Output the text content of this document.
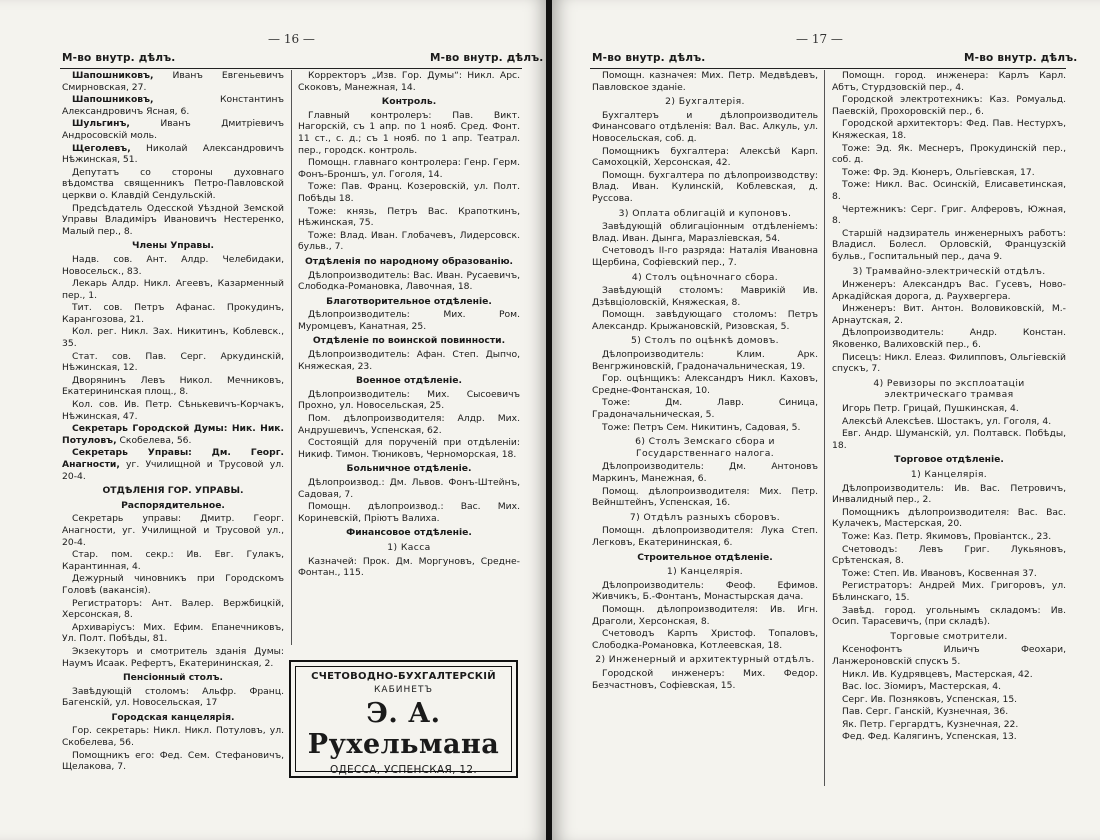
— 16 —
М-во внутр. дѣлъ.	М-во внутр. дѣлъ.

Шапошниковъ, Иванъ Евгеньевичъ Смирновская, 27.

Шапошниковъ, Константинъ Александровичъ Ясная, 6.

Шульгинъ, Иванъ Дмитріевичъ Андросовскій моль.

Щеголевъ, Николай Александровичъ Нѣжинская, 51.

Депутатъ со стороны духовнаго вѣдомства священникъ Петро-Павловской церкви о. Клавдій Сендульскій.

Предсѣдатель Одесской Уѣздной Земской Управы Владиміръ Ивановичъ Нестеренко, Малый пер., 8.

Члены Управы.

Надв. сов. Ант. Алдр. Челебидаки, Новосельск., 83.

Лекарь Алдр. Никл. Агеевъ, Казарменный пер., 1.

Тит. сов. Петръ Афанас. Прокудинъ, Карангозова, 21.

Кол. рег. Никл. Зах. Никитинъ, Коблевск., 35.

Стат. сов. Пав. Серг. Аркудинскій, Нѣжинская, 12.

Дворянинъ Левъ Никол. Мечниковъ, Екатерининская площ., 8.

Кол. сов. Ив. Петр. Сѣнькевичъ-Корчакъ, Нѣжинская, 47.

Секретарь Городской Думы: Ник. Ник. Потуловъ, Скобелева, 56.

Секретарь Управы: Дм. Георг. Анагности, уг. Училищной и Трусовой ул. 20-4.

ОТДѢЛЕНІЯ ГОР. УПРАВЫ.

Распорядительное.

Секретарь управы: Дмитр. Георг. Анагности, уг. Училищной и Трусовой ул., 20-4.

Стар. пом. секр.: Ив. Евг. Гулакъ, Карантинная, 4.

Дежурный чиновникъ при Городскомъ Головѣ (вакансія).

Регистраторъ: Ант. Валер. Вержбицкій, Херсонская, 8.

Архиваріусъ: Мих. Ефим. Епанечниковъ, Ул. Полт. Побѣды, 81.

Экзекуторъ и смотритель зданія Думы: Наумъ Исаак. Рефертъ, Екатерининская, 2.

Пенсіонный столъ.

Завѣдующій столомъ: Альфр. Франц. Багенскій, ул. Новосельская, 17

Городская канцелярія.

Гор. секретарь: Никл. Никл. Потуловъ, ул. Скобелева, 56.

Помощникъ его: Фед. Сем. Стефановичъ, Щелакова, 7.

Корректоръ „Изв. Гор. Думы“: Никл. Арс. Скоковъ, Манежная, 14.

Контроль.

Главный контролеръ: Пав. Викт. Нагорскій, съ 1 апр. по 1 нояб. Сред. Фонт. 11 ст., с. д.; съ 1 нояб. по 1 апр. Театрал. пер., городск. контроль.

Помощн. главнаго контролера: Генр. Герм. Фонъ-Броншъ, ул. Гоголя, 14.

Тоже: Пав. Франц. Козеровскій, ул. Полт. Побѣды 18.

Тоже: князь, Петръ Вас. Крапоткинъ, Нѣжинская, 75.

Тоже: Влад. Иван. Глобачевъ, Лидерсовск. бульв., 7.

Отдѣленія по народному образованію.

Дѣлопроизводитель: Вас. Иван. Русаевичъ, Слободка-Романовка, Лавочная, 18.

Благотворительное отдѣленіе.

Дѣлопроизводитель: Мих. Ром. Муромцевъ, Канатная, 25.

Отдѣленіе по воинской повинности.

Дѣлопроизводитель: Афан. Степ. Дыпчо, Княжеская, 23.

Военное отдѣленіе.

Дѣлопроизводитель: Мих. Сысоевичъ Прохно, ул. Новосельская, 25.

Пом. дѣлопроизводителя: Алдр. Мих. Андрушевичъ, Успенская, 62.

Состоящій для порученій при отдѣленіи: Никиф. Тимон. Тюниковъ, Черноморская, 18.

Больничное отдѣленіе.

Дѣлопроизвод.: Дм. Львов. Фонъ-Штейнъ, Садовая, 7.

Помощн. дѣлопроизвод.: Вас. Мих. Кориневскій, Пріютъ Валиха.

Финансовое отдѣленіе.

1) Касса

Казначей: Прок. Дм. Моргуновъ, Средне-Фонтан., 115.

СЧЕТОВОДНО-БУХГАЛТЕРСКІЙ
КАБИНЕТЪ
Э. А. Рухельмана
ОДЕССА, УСПЕНСКАЯ, 12.
— 17 —
М-во внутр. дѣлъ.	М-во внутр. дѣлъ.

Помощн. казначея: Мих. Петр. Медвѣдевъ, Павловское зданіе.

2) Бухгалтерія.

Бухгалтеръ и дѣлопроизводитель Финансоваго отдѣленія: Вал. Вас. Алкуль, ул. Новосельская, соб. д.

Помощникъ бухгалтера: Алексѣй Карп. Самохоцкій, Херсонская, 42.

Помощн. бухгалтера по дѣлопроизводству: Влад. Иван. Кулинскій, Коблевская, д. Руссова.

3) Оплата облигацій и купоновъ.

Завѣдующій облигаціонным отдѣленіемъ: Влад. Иван. Дынга, Маразліевская, 54.

Счетоводъ II-го разряда: Наталія Ивановна Щербина, Софіевский пер., 7.

4) Столъ оцѣночнаго сбора.

Завѣдующій столомъ: Маврикій Ив. Дзѣвціоловскій, Княжеская, 8.

Помощн. завѣдующаго столомъ: Петръ Александр. Крыжановскій, Ризовская, 5.

5) Столъ по оцѣнкѣ домовъ.

Дѣлопроизводитель: Клим. Арк. Венгржиновскій, Градоначальническая, 19.

Гор. оцѣнщикъ: Александръ Никл. Каховъ, Средне-Фонтанская, 10.

Тоже: Дм. Лавр. Синица, Градоначальническая, 5.

Тоже: Петръ Сем. Никитинъ, Садовая, 5.

6) Столъ Земскаго сбора и Государственнаго налога.

Дѣлопроизводитель: Дм. Антоновъ Маркинъ, Манежная, 6.

Помощ. дѣлопроизводителя: Мих. Петр. Вейнштейнъ, Успенская, 16.

7) Отдѣлъ разныхъ сборовъ.

Помощн. дѣлопроизводителя: Лука Степ. Легковъ, Екатерининская, 6.

Строительное отдѣленіе.

1) Канцелярія.

Дѣлопроизводитель: Феоф. Ефимов. Живчикъ, Б.-Фонтанъ, Монастырская дача.

Помощн. дѣлопроизводителя: Ив. Игн. Драголи, Херсонская, 8.

Счетоводъ Карпъ Христоф. Топаловъ, Слободка-Романовка, Котлеевская, 18.

2) Инженерный и архитектурный отдѣлъ.

Городской инженеръ: Мих. Федор. Безчастновъ, Софіевская, 15.

Помощн. город. инженера: Карлъ Карл. Абтъ, Стурдзовскій пер., 4.

Городской электротехникъ: Каз. Ромуальд. Паевскій, Прохоровскій пер., 6.

Городской архитекторъ: Фед. Пав. Нестурхъ, Княжеская, 18.

Тоже: Эд. Як. Меснеръ, Прокудинскій пер., соб. д.

Тоже: Фр. Эд. Кюнеръ, Ольгіевская, 17.

Тоже: Никл. Вас. Осинскій, Елисаветинская, 8.

Чертежникъ: Серг. Григ. Алферовъ, Южная, 8.

Старшій надзиратель инженерныхъ работъ: Владисл. Болесл. Орловскій, Французскій бульв., Госпитальный пер., дача 9.

3) Трамвайно-электрическій отдѣлъ.

Инженеръ: Александръ Вас. Гусевъ, Ново-Аркадійская дорога, д. Раухвергера.

Инженеръ: Вит. Антон. Воловиковскій, М.-Арнаутская, 2.

Дѣлопроизводитель: Андр. Констан. Яковенко, Валиховскій пер., 6.

Писецъ: Никл. Елеаз. Филипповъ, Ольгіевскій спускъ, 7.

4) Ревизоры по эксплоатаціи электрическаго трамвая

Игорь Петр. Грицай, Пушкинская, 4.

Алексѣй Алексѣев. Шостакъ, ул. Гоголя, 4.

Евг. Андр. Шуманскій, ул. Полтавск. Побѣды, 18.

Торговое отдѣленіе.

1) Канцелярія.

Дѣлопроизводитель: Ив. Вас. Петровичъ, Инвалидный пер., 2.

Помощникъ дѣлопроизводителя: Вас. Вас. Кулачекъ, Мастерская, 20.

Тоже: Каз. Петр. Якимовъ, Провіантск., 23.

Счетоводъ: Левъ Григ. Лукьяновъ, Срѣтенская, 8.

Тоже: Степ. Ив. Ивановъ, Косвенная 37.

Регистраторъ: Андрей Мих. Григоровъ, ул. Бѣлинскаго, 15.

Завѣд. город. угольнымъ складомъ: Ив. Осип. Тарасевичъ, (при складѣ).

Торговые смотрители.

Ксенофонтъ Ильичъ Феохари, Ланжероновскій спускъ 5.

Никл. Ив. Кудрявцевъ, Мастерская, 42.

Вас. Іос. Зіомиръ, Мастерская, 4.

Серг. Ив. Позняковъ, Успенская, 15.

Пав. Серг. Ганскій, Кузнечная, 36.

Як. Петр. Гергардтъ, Кузнечная, 22.

Фед. Фед. Калягинъ, Успенская, 13.
